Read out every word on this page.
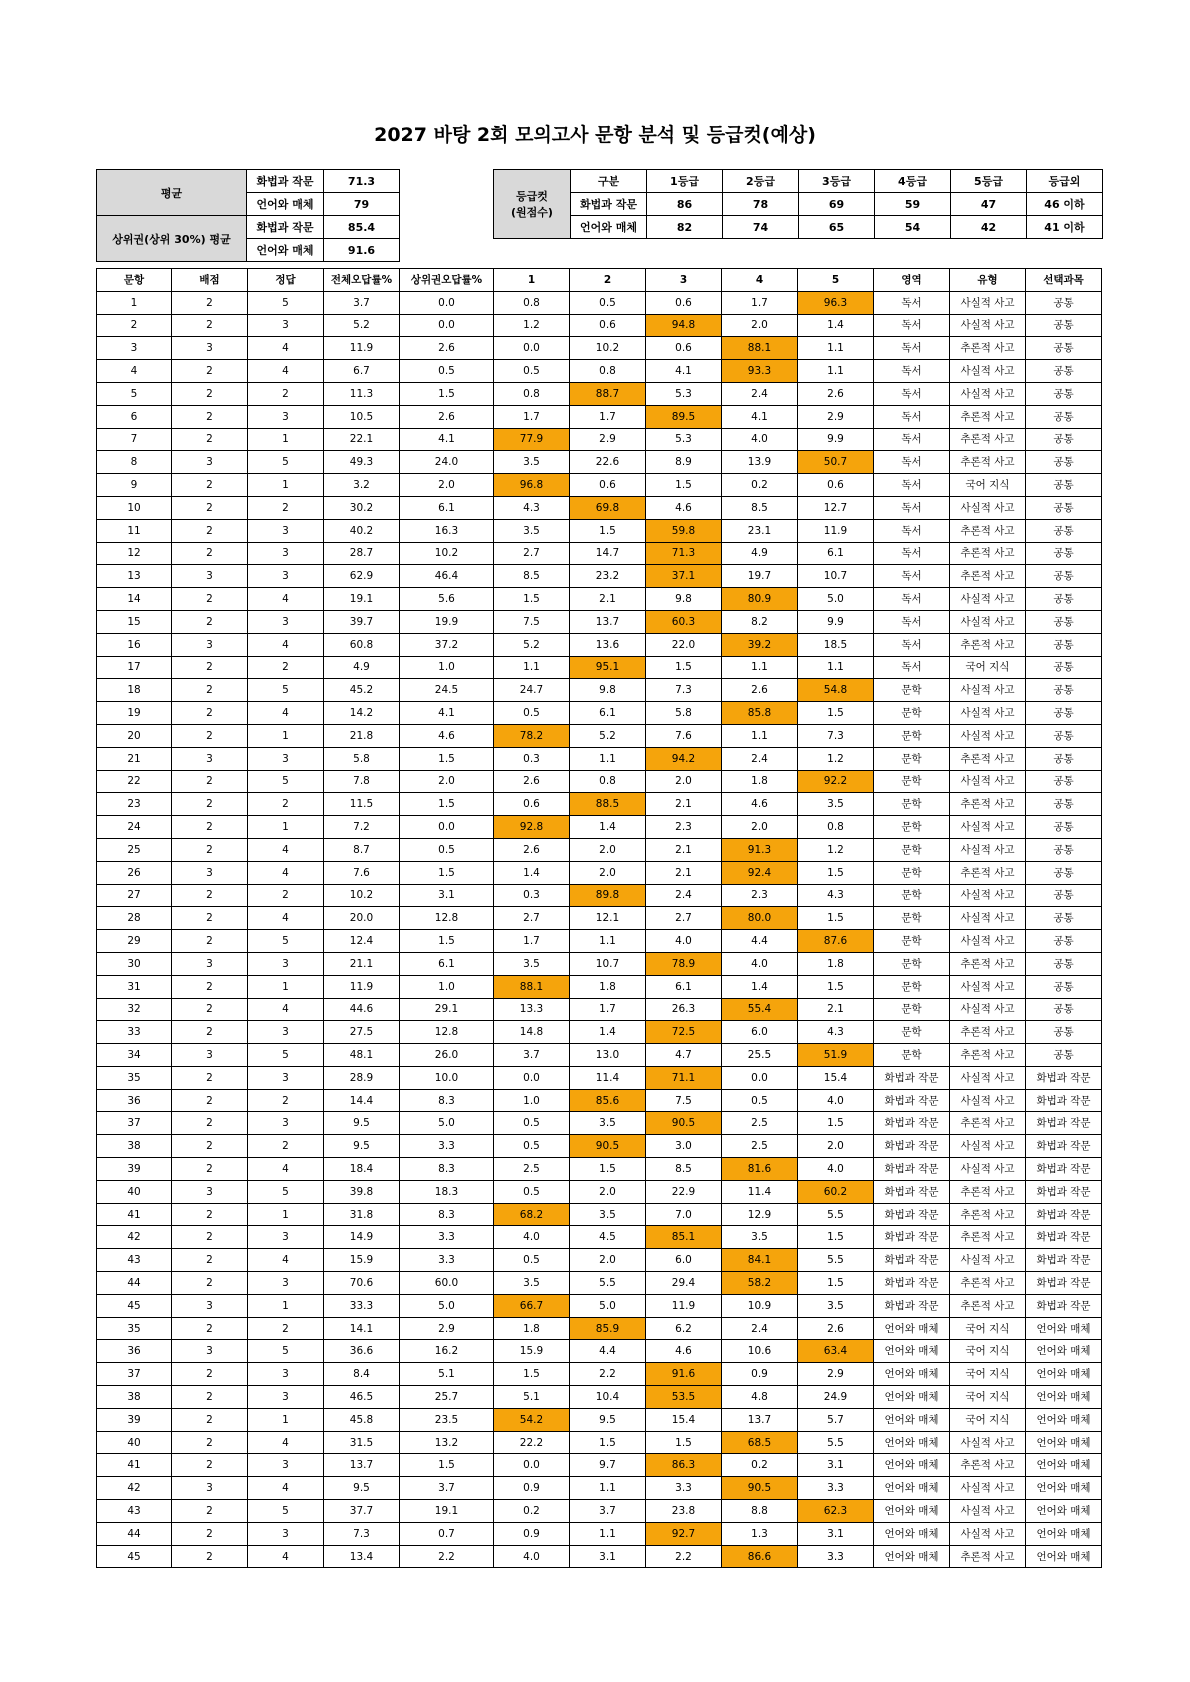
2027 바탕 2회 모의고사 문항 분석 및 등급컷(예상)
평균	화법과 작문	71.3
	언어와 매체	79
상위권(상위 30%) 평균	화법과 작문	85.4
	언어와 매체	91.6
등급컷
(원점수)	구분	1등급	2등급	3등급	4등급	5등급	등급외

	화법과 작문	86	78	69	59	47	46 이하
	언어와 매체	82	74	65	54	42	41 이하
문항	배점	정답	전체오답률%	상위권오답률%	1	2	3	4	5	영역	유형	선택과목
1	2	5	3.7	0.0	0.8	0.5	0.6	1.7	96.3	독서	사실적 사고	공통
2	2	3	5.2	0.0	1.2	0.6	94.8	2.0	1.4	독서	사실적 사고	공통
3	3	4	11.9	2.6	0.0	10.2	0.6	88.1	1.1	독서	추론적 사고	공통
4	2	4	6.7	0.5	0.5	0.8	4.1	93.3	1.1	독서	사실적 사고	공통
5	2	2	11.3	1.5	0.8	88.7	5.3	2.4	2.6	독서	사실적 사고	공통
6	2	3	10.5	2.6	1.7	1.7	89.5	4.1	2.9	독서	추론적 사고	공통
7	2	1	22.1	4.1	77.9	2.9	5.3	4.0	9.9	독서	추론적 사고	공통
8	3	5	49.3	24.0	3.5	22.6	8.9	13.9	50.7	독서	추론적 사고	공통
9	2	1	3.2	2.0	96.8	0.6	1.5	0.2	0.6	독서	국어 지식	공통
10	2	2	30.2	6.1	4.3	69.8	4.6	8.5	12.7	독서	사실적 사고	공통
11	2	3	40.2	16.3	3.5	1.5	59.8	23.1	11.9	독서	추론적 사고	공통
12	2	3	28.7	10.2	2.7	14.7	71.3	4.9	6.1	독서	추론적 사고	공통
13	3	3	62.9	46.4	8.5	23.2	37.1	19.7	10.7	독서	추론적 사고	공통
14	2	4	19.1	5.6	1.5	2.1	9.8	80.9	5.0	독서	사실적 사고	공통
15	2	3	39.7	19.9	7.5	13.7	60.3	8.2	9.9	독서	사실적 사고	공통
16	3	4	60.8	37.2	5.2	13.6	22.0	39.2	18.5	독서	추론적 사고	공통
17	2	2	4.9	1.0	1.1	95.1	1.5	1.1	1.1	독서	국어 지식	공통
18	2	5	45.2	24.5	24.7	9.8	7.3	2.6	54.8	문학	사실적 사고	공통
19	2	4	14.2	4.1	0.5	6.1	5.8	85.8	1.5	문학	사실적 사고	공통
20	2	1	21.8	4.6	78.2	5.2	7.6	1.1	7.3	문학	사실적 사고	공통
21	3	3	5.8	1.5	0.3	1.1	94.2	2.4	1.2	문학	추론적 사고	공통
22	2	5	7.8	2.0	2.6	0.8	2.0	1.8	92.2	문학	사실적 사고	공통
23	2	2	11.5	1.5	0.6	88.5	2.1	4.6	3.5	문학	추론적 사고	공통
24	2	1	7.2	0.0	92.8	1.4	2.3	2.0	0.8	문학	사실적 사고	공통
25	2	4	8.7	0.5	2.6	2.0	2.1	91.3	1.2	문학	사실적 사고	공통
26	3	4	7.6	1.5	1.4	2.0	2.1	92.4	1.5	문학	추론적 사고	공통
27	2	2	10.2	3.1	0.3	89.8	2.4	2.3	4.3	문학	사실적 사고	공통
28	2	4	20.0	12.8	2.7	12.1	2.7	80.0	1.5	문학	사실적 사고	공통
29	2	5	12.4	1.5	1.7	1.1	4.0	4.4	87.6	문학	사실적 사고	공통
30	3	3	21.1	6.1	3.5	10.7	78.9	4.0	1.8	문학	추론적 사고	공통
31	2	1	11.9	1.0	88.1	1.8	6.1	1.4	1.5	문학	사실적 사고	공통
32	2	4	44.6	29.1	13.3	1.7	26.3	55.4	2.1	문학	사실적 사고	공통
33	2	3	27.5	12.8	14.8	1.4	72.5	6.0	4.3	문학	추론적 사고	공통
34	3	5	48.1	26.0	3.7	13.0	4.7	25.5	51.9	문학	추론적 사고	공통
35	2	3	28.9	10.0	0.0	11.4	71.1	0.0	15.4	화법과 작문	사실적 사고	화법과 작문
36	2	2	14.4	8.3	1.0	85.6	7.5	0.5	4.0	화법과 작문	사실적 사고	화법과 작문
37	2	3	9.5	5.0	0.5	3.5	90.5	2.5	1.5	화법과 작문	추론적 사고	화법과 작문
38	2	2	9.5	3.3	0.5	90.5	3.0	2.5	2.0	화법과 작문	사실적 사고	화법과 작문
39	2	4	18.4	8.3	2.5	1.5	8.5	81.6	4.0	화법과 작문	사실적 사고	화법과 작문
40	3	5	39.8	18.3	0.5	2.0	22.9	11.4	60.2	화법과 작문	추론적 사고	화법과 작문
41	2	1	31.8	8.3	68.2	3.5	7.0	12.9	5.5	화법과 작문	추론적 사고	화법과 작문
42	2	3	14.9	3.3	4.0	4.5	85.1	3.5	1.5	화법과 작문	추론적 사고	화법과 작문
43	2	4	15.9	3.3	0.5	2.0	6.0	84.1	5.5	화법과 작문	사실적 사고	화법과 작문
44	2	3	70.6	60.0	3.5	5.5	29.4	58.2	1.5	화법과 작문	추론적 사고	화법과 작문
45	3	1	33.3	5.0	66.7	5.0	11.9	10.9	3.5	화법과 작문	추론적 사고	화법과 작문
35	2	2	14.1	2.9	1.8	85.9	6.2	2.4	2.6	언어와 매체	국어 지식	언어와 매체
36	3	5	36.6	16.2	15.9	4.4	4.6	10.6	63.4	언어와 매체	국어 지식	언어와 매체
37	2	3	8.4	5.1	1.5	2.2	91.6	0.9	2.9	언어와 매체	국어 지식	언어와 매체
38	2	3	46.5	25.7	5.1	10.4	53.5	4.8	24.9	언어와 매체	국어 지식	언어와 매체
39	2	1	45.8	23.5	54.2	9.5	15.4	13.7	5.7	언어와 매체	국어 지식	언어와 매체
40	2	4	31.5	13.2	22.2	1.5	1.5	68.5	5.5	언어와 매체	사실적 사고	언어와 매체
41	2	3	13.7	1.5	0.0	9.7	86.3	0.2	3.1	언어와 매체	추론적 사고	언어와 매체
42	3	4	9.5	3.7	0.9	1.1	3.3	90.5	3.3	언어와 매체	사실적 사고	언어와 매체
43	2	5	37.7	19.1	0.2	3.7	23.8	8.8	62.3	언어와 매체	사실적 사고	언어와 매체
44	2	3	7.3	0.7	0.9	1.1	92.7	1.3	3.1	언어와 매체	사실적 사고	언어와 매체
45	2	4	13.4	2.2	4.0	3.1	2.2	86.6	3.3	언어와 매체	추론적 사고	언어와 매체
